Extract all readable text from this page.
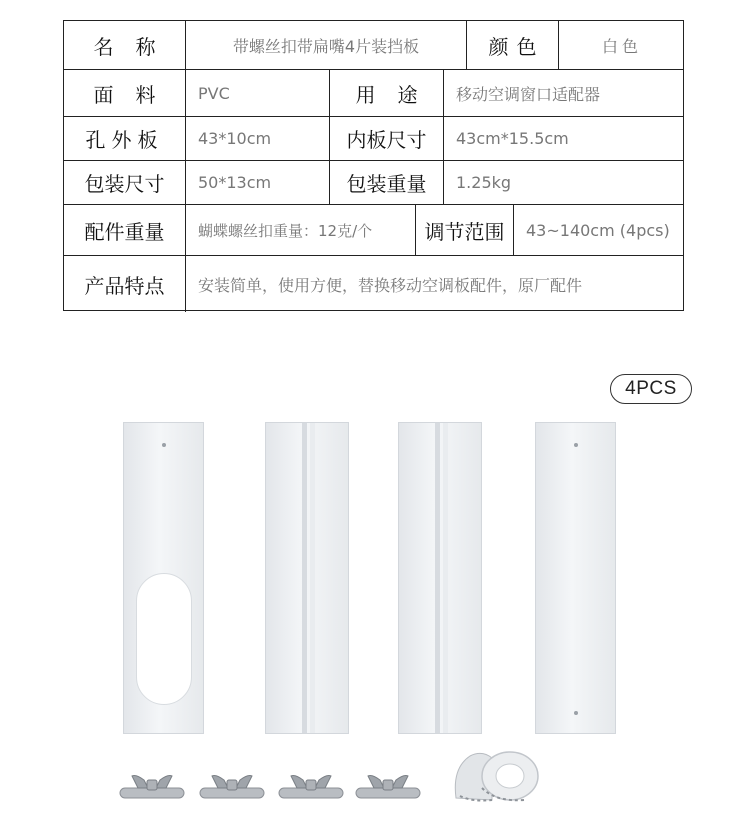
名称	带螺丝扣带扁嘴4片装挡板	颜色	白色
面料	PVC	用途	移动空调窗口适配器
孔外板	43*10cm	内板尺寸	43cm*15.5cm
包装尺寸	50*13cm	包装重量	1.25kg
配件重量	蝴蝶螺丝扣重量：12克/个	调节范围	43~140cm (4pcs)
产品特点	安装简单，使用方便，替换移动空调板配件，原厂配件
4PCS
